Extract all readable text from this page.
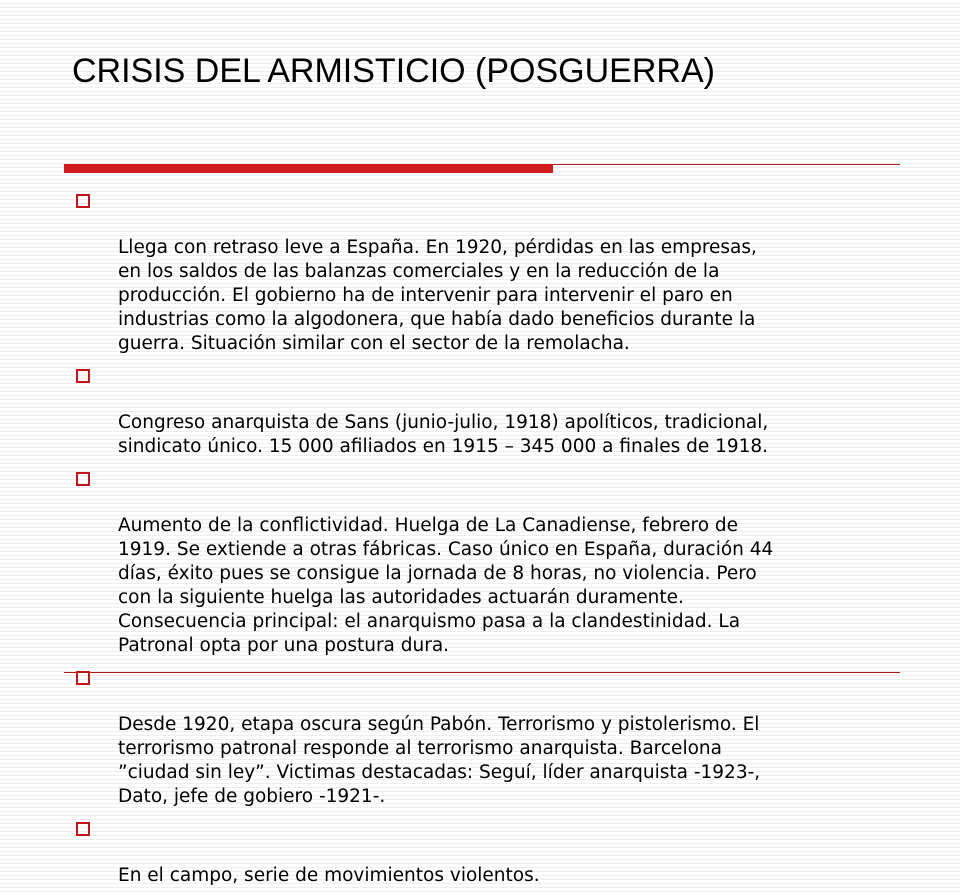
CRISIS DEL ARMISTICIO (POSGUERRA)

Llega con retraso leve a España. En 1920, pérdidas en las empresas,
en los saldos de las balanzas comerciales y en la reducción de la
producción. El gobierno ha de intervenir para intervenir el paro en
industrias como la algodonera, que había dado beneficios durante la
guerra. Situación similar con el sector de la remolacha.

Congreso anarquista de Sans (junio-julio, 1918) apolíticos, tradicional,
sindicato único. 15 000 afiliados en 1915 – 345 000 a finales de 1918.

Aumento de la conflictividad. Huelga de La Canadiense, febrero de
1919. Se extiende a otras fábricas. Caso único en España, duración 44
días, éxito pues se consigue la jornada de 8 horas, no violencia. Pero
con la siguiente huelga las autoridades actuarán duramente.
Consecuencia principal: el anarquismo pasa a la clandestinidad. La
Patronal opta por una postura dura.

Desde 1920, etapa oscura según Pabón. Terrorismo y pistolerismo. El
terrorismo patronal responde al terrorismo anarquista. Barcelona
”ciudad sin ley”. Victimas destacadas: Seguí, líder anarquista -1923-,
Dato, jefe de gobiero -1921-.

En el campo, serie de movimientos violentos.
